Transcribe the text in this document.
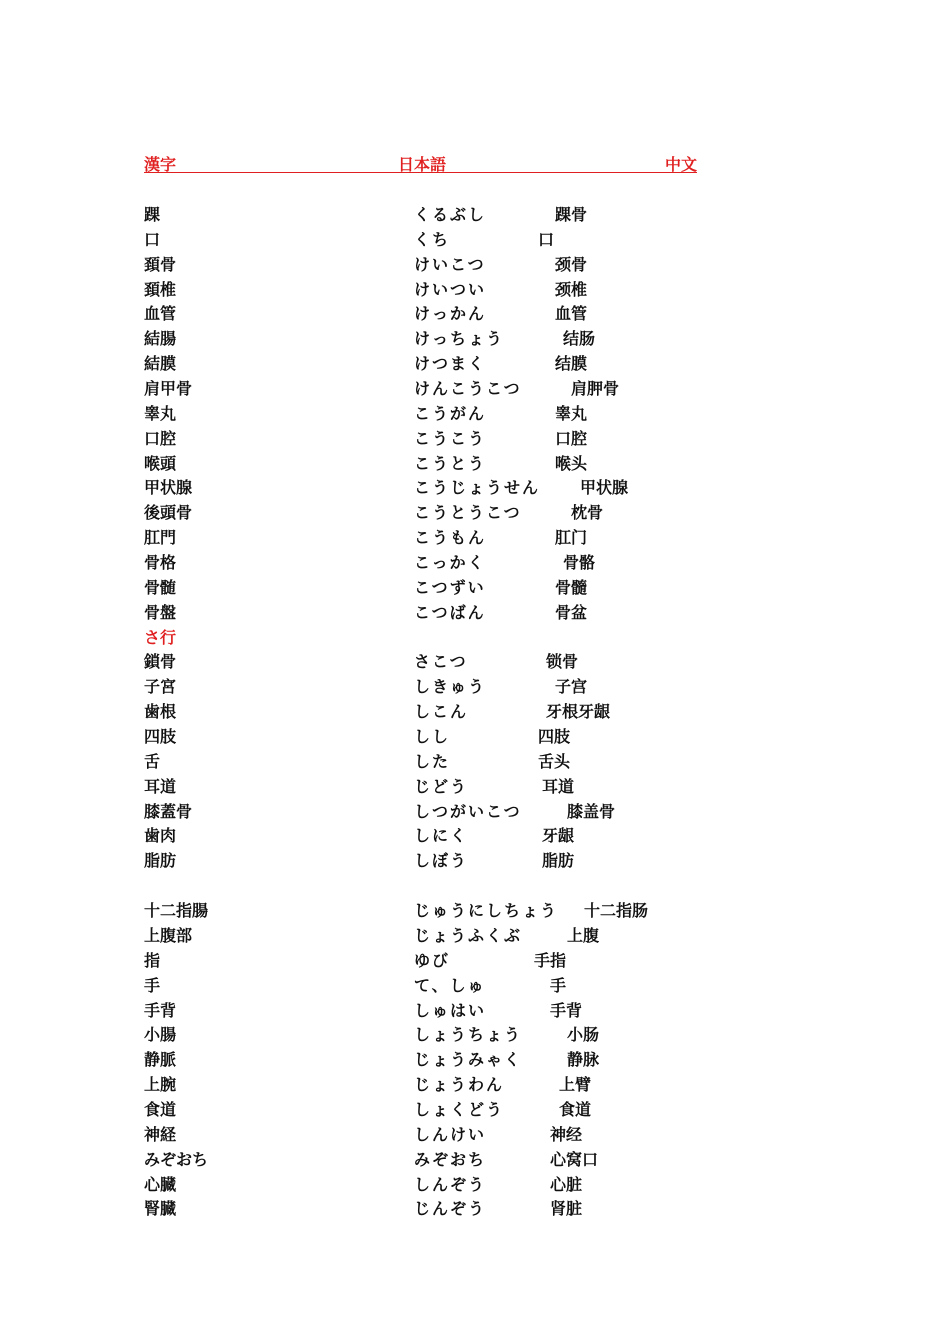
漢字	日本語	中文
踝	くるぶし	踝骨
口	くち	口
頚骨	けいこつ	颈骨
頚椎	けいつい	颈椎
血管	けっかん	血管
結腸	けっちょう	结肠
結膜	けつまく	结膜
肩甲骨	けんこうこつ	肩胛骨
睾丸	こうがん	睾丸
口腔	こうこう	口腔
喉頭	こうとう	喉头
甲状腺	こうじょうせん 甲状腺
後頭骨	こうとうこつ	枕骨
肛門	こうもん	肛门
骨格	こっかく	骨骼
骨髄	こつずい	骨髓
骨盤	こつばん	骨盆
さ行
鎖骨	さこつ	锁骨
子宮	しきゅう	子宫
歯根	しこん	牙根牙龈
四肢	しし	四肢
舌	した	舌头
耳道	じどう	耳道
膝蓋骨	しつがいこつ	膝盖骨
歯肉	しにく	牙龈
脂肪	しぼう	脂肪
十二指腸	じゅうにしちょう 十二指肠
上腹部	じょうふくぶ	上腹
指	ゆび	手指
手	て、しゅ	手
手背	しゅはい	手背
小腸	しょうちょう	小肠
静脈	じょうみゃく	静脉
上腕	じょうわん	上臂
食道	しょくどう	食道
神経	しんけい	神经
みぞおち	みぞおち	心窝口
心臓	しんぞう	心脏
腎臓	じんぞう	肾脏
